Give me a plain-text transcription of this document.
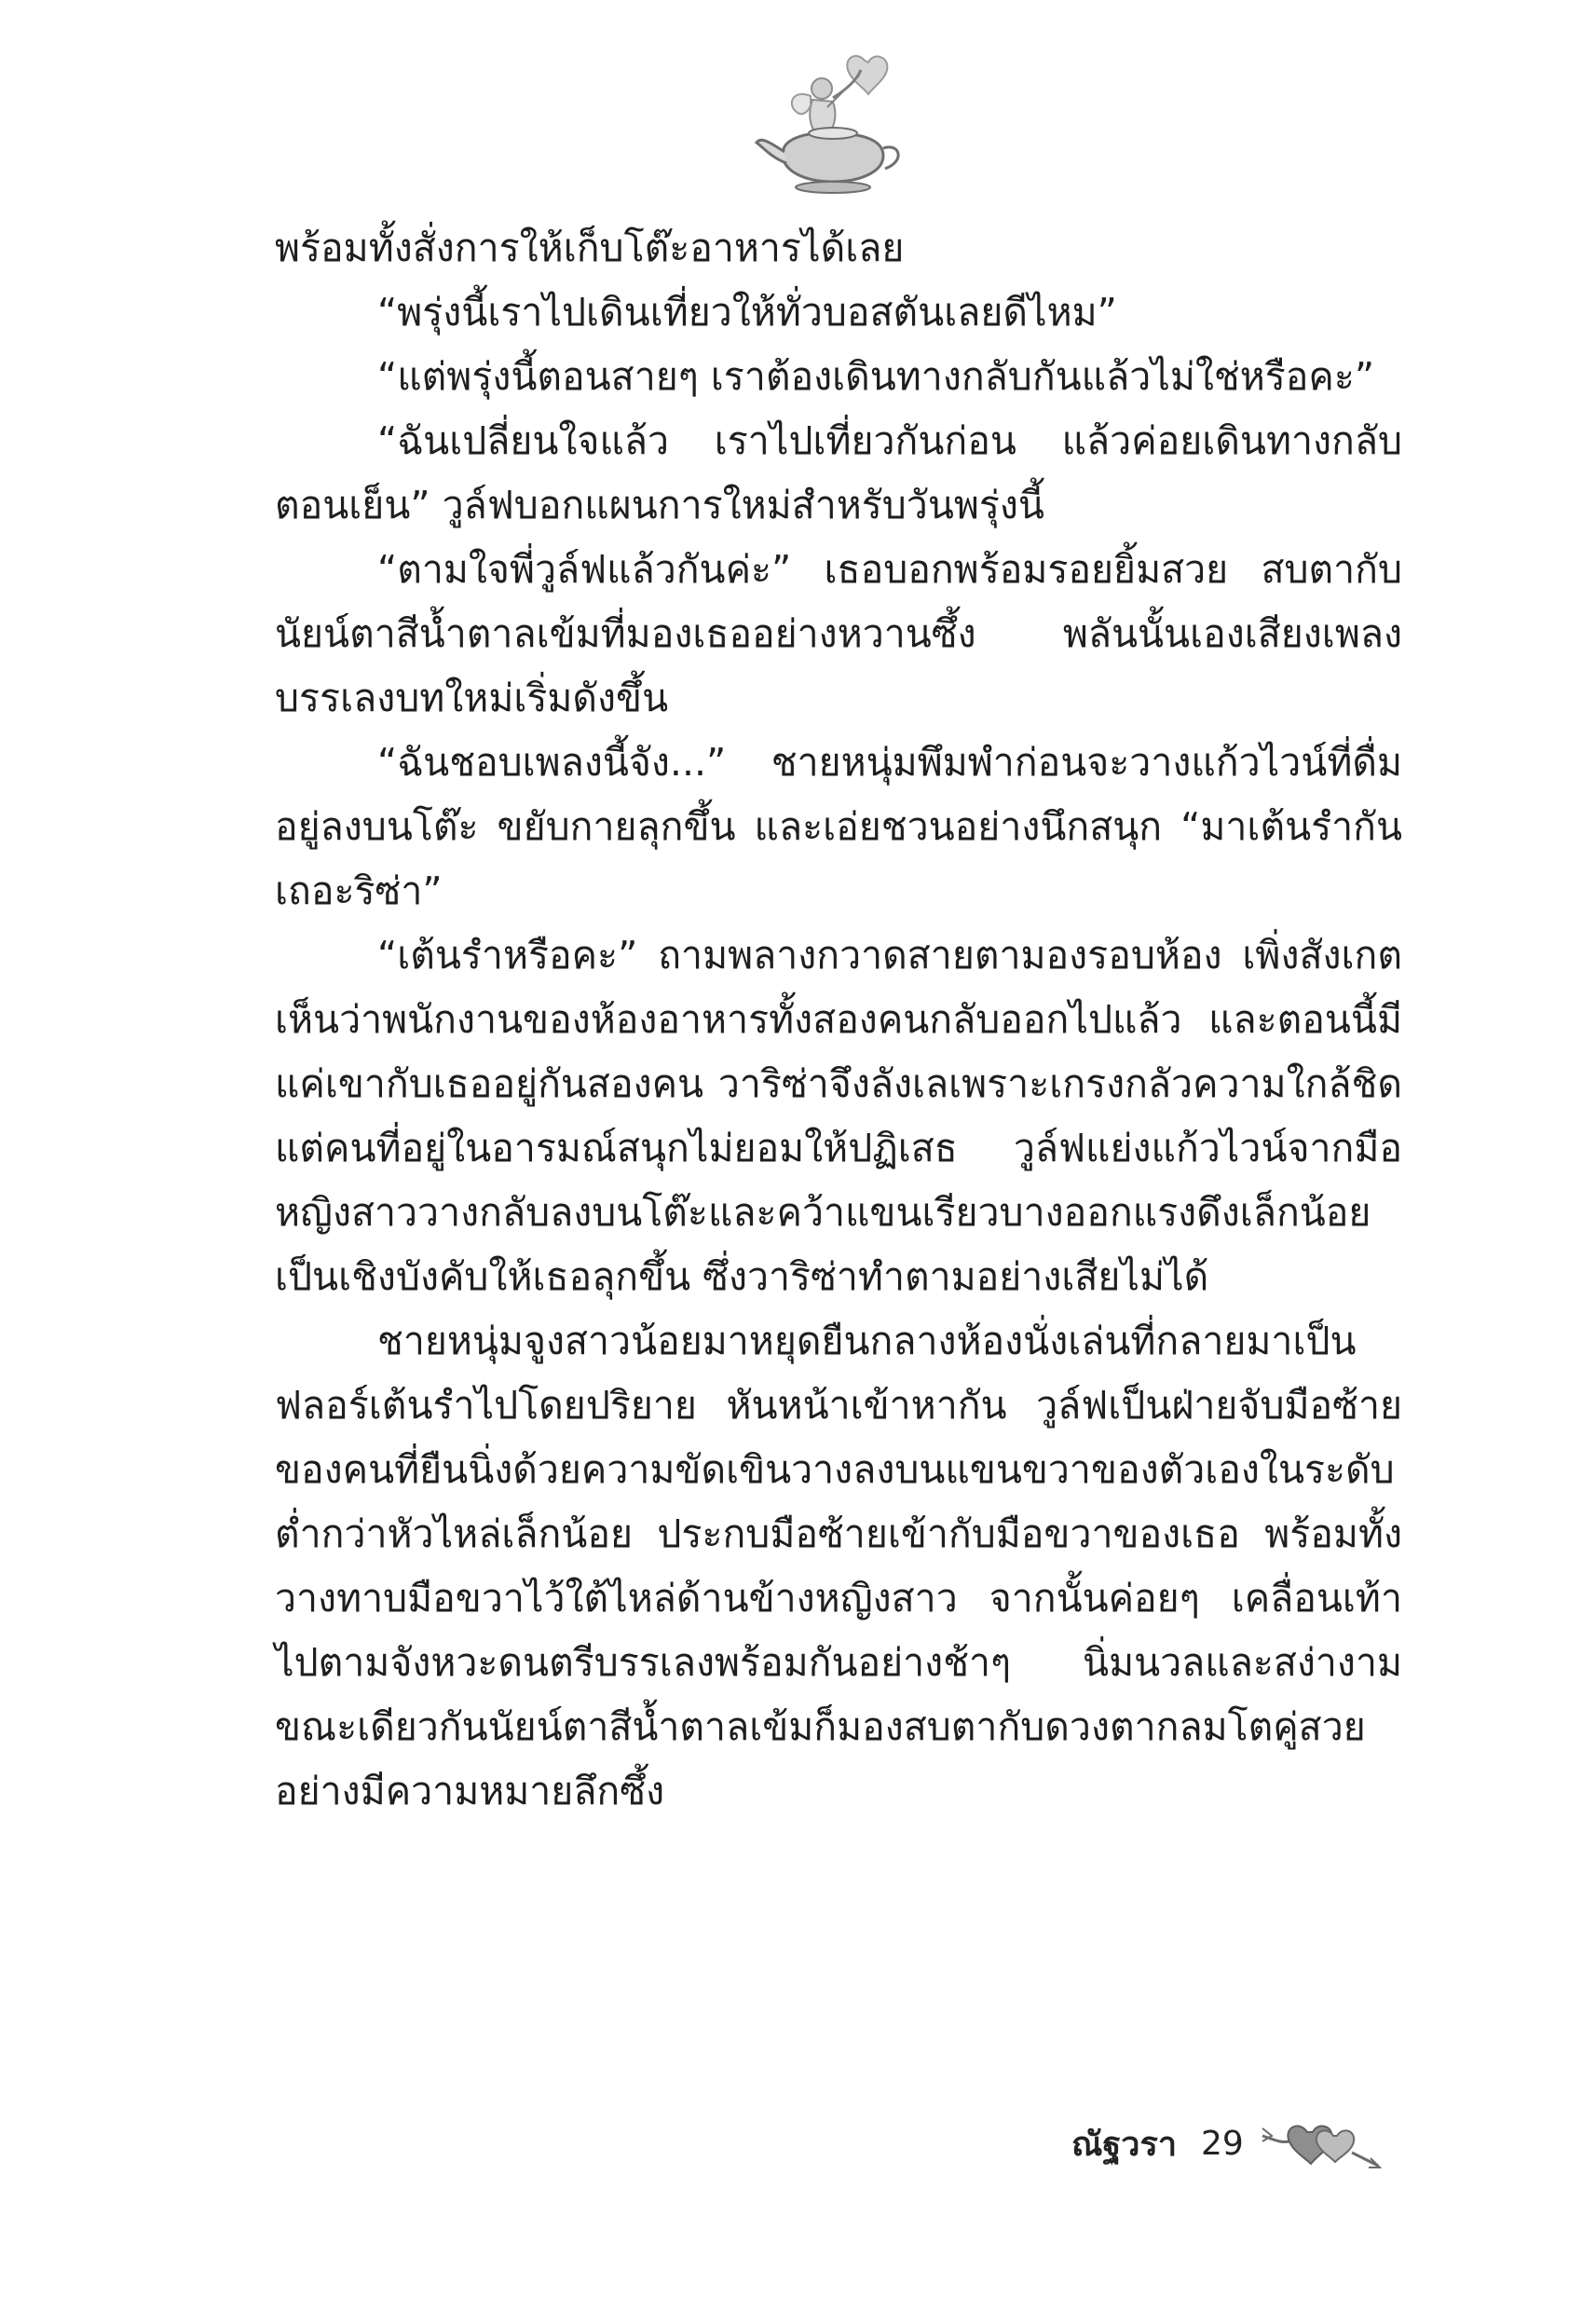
พร้อมทั้งสั่งการให้เก็บโต๊ะอาหารได้เลย

“พรุ่งนี้เราไปเดินเที่ยวให้ทั่วบอสตันเลยดีไหม”

“แต่พรุ่งนี้ตอนสายๆ เราต้องเดินทางกลับกันแล้วไม่ใช่หรือคะ”

“ฉันเปลี่ยนใจแล้ว เราไปเที่ยวกันก่อน แล้วค่อยเดินทางกลับตอนเย็น” วูล์ฟบอกแผนการใหม่สำหรับวันพรุ่งนี้

“ตามใจพี่วูล์ฟแล้วกันค่ะ” เธอบอกพร้อมรอยยิ้มสวย สบตากับนัยน์ตาสีน้ำตาลเข้มที่มองเธออย่างหวานซึ้ง พลันนั้นเองเสียงเพลงบรรเลงบทใหม่เริ่มดังขึ้น

“ฉันชอบเพลงนี้จัง...” ชายหนุ่มพึมพำก่อนจะวางแก้วไวน์ที่ดื่มอยู่ลงบนโต๊ะ ขยับกายลุกขึ้น และเอ่ยชวนอย่างนึกสนุก “มาเต้นรำกันเถอะริซ่า”

“เต้นรำหรือคะ” ถามพลางกวาดสายตามองรอบห้อง เพิ่งสังเกตเห็นว่าพนักงานของห้องอาหารทั้งสองคนกลับออกไปแล้ว และตอนนี้มีแค่เขากับเธออยู่กันสองคน วาริซ่าจึงลังเลเพราะเกรงกลัวความใกล้ชิด แต่คนที่อยู่ในอารมณ์สนุกไม่ยอมให้ปฏิเสธ วูล์ฟแย่งแก้วไวน์จากมือหญิงสาววางกลับลงบนโต๊ะและคว้าแขนเรียวบางออกแรงดึงเล็กน้อยเป็นเชิงบังคับให้เธอลุกขึ้น ซึ่งวาริซ่าทำตามอย่างเสียไม่ได้

ชายหนุ่มจูงสาวน้อยมาหยุดยืนกลางห้องนั่งเล่นที่กลายมาเป็นฟลอร์เต้นรำไปโดยปริยาย หันหน้าเข้าหากัน วูล์ฟเป็นฝ่ายจับมือซ้ายของคนที่ยืนนิ่งด้วยความขัดเขินวางลงบนแขนขวาของตัวเองในระดับต่ำกว่าหัวไหล่เล็กน้อย ประกบมือซ้ายเข้ากับมือขวาของเธอ พร้อมทั้งวางทาบมือขวาไว้ใต้ไหล่ด้านข้างหญิงสาว จากนั้นค่อยๆ เคลื่อนเท้าไปตามจังหวะดนตรีบรรเลงพร้อมกันอย่างช้าๆ นิ่มนวลและสง่างามขณะเดียวกันนัยน์ตาสีน้ำตาลเข้มก็มองสบตากับดวงตากลมโตคู่สวยอย่างมีความหมายลึกซึ้ง

ณัฐวรา 29
